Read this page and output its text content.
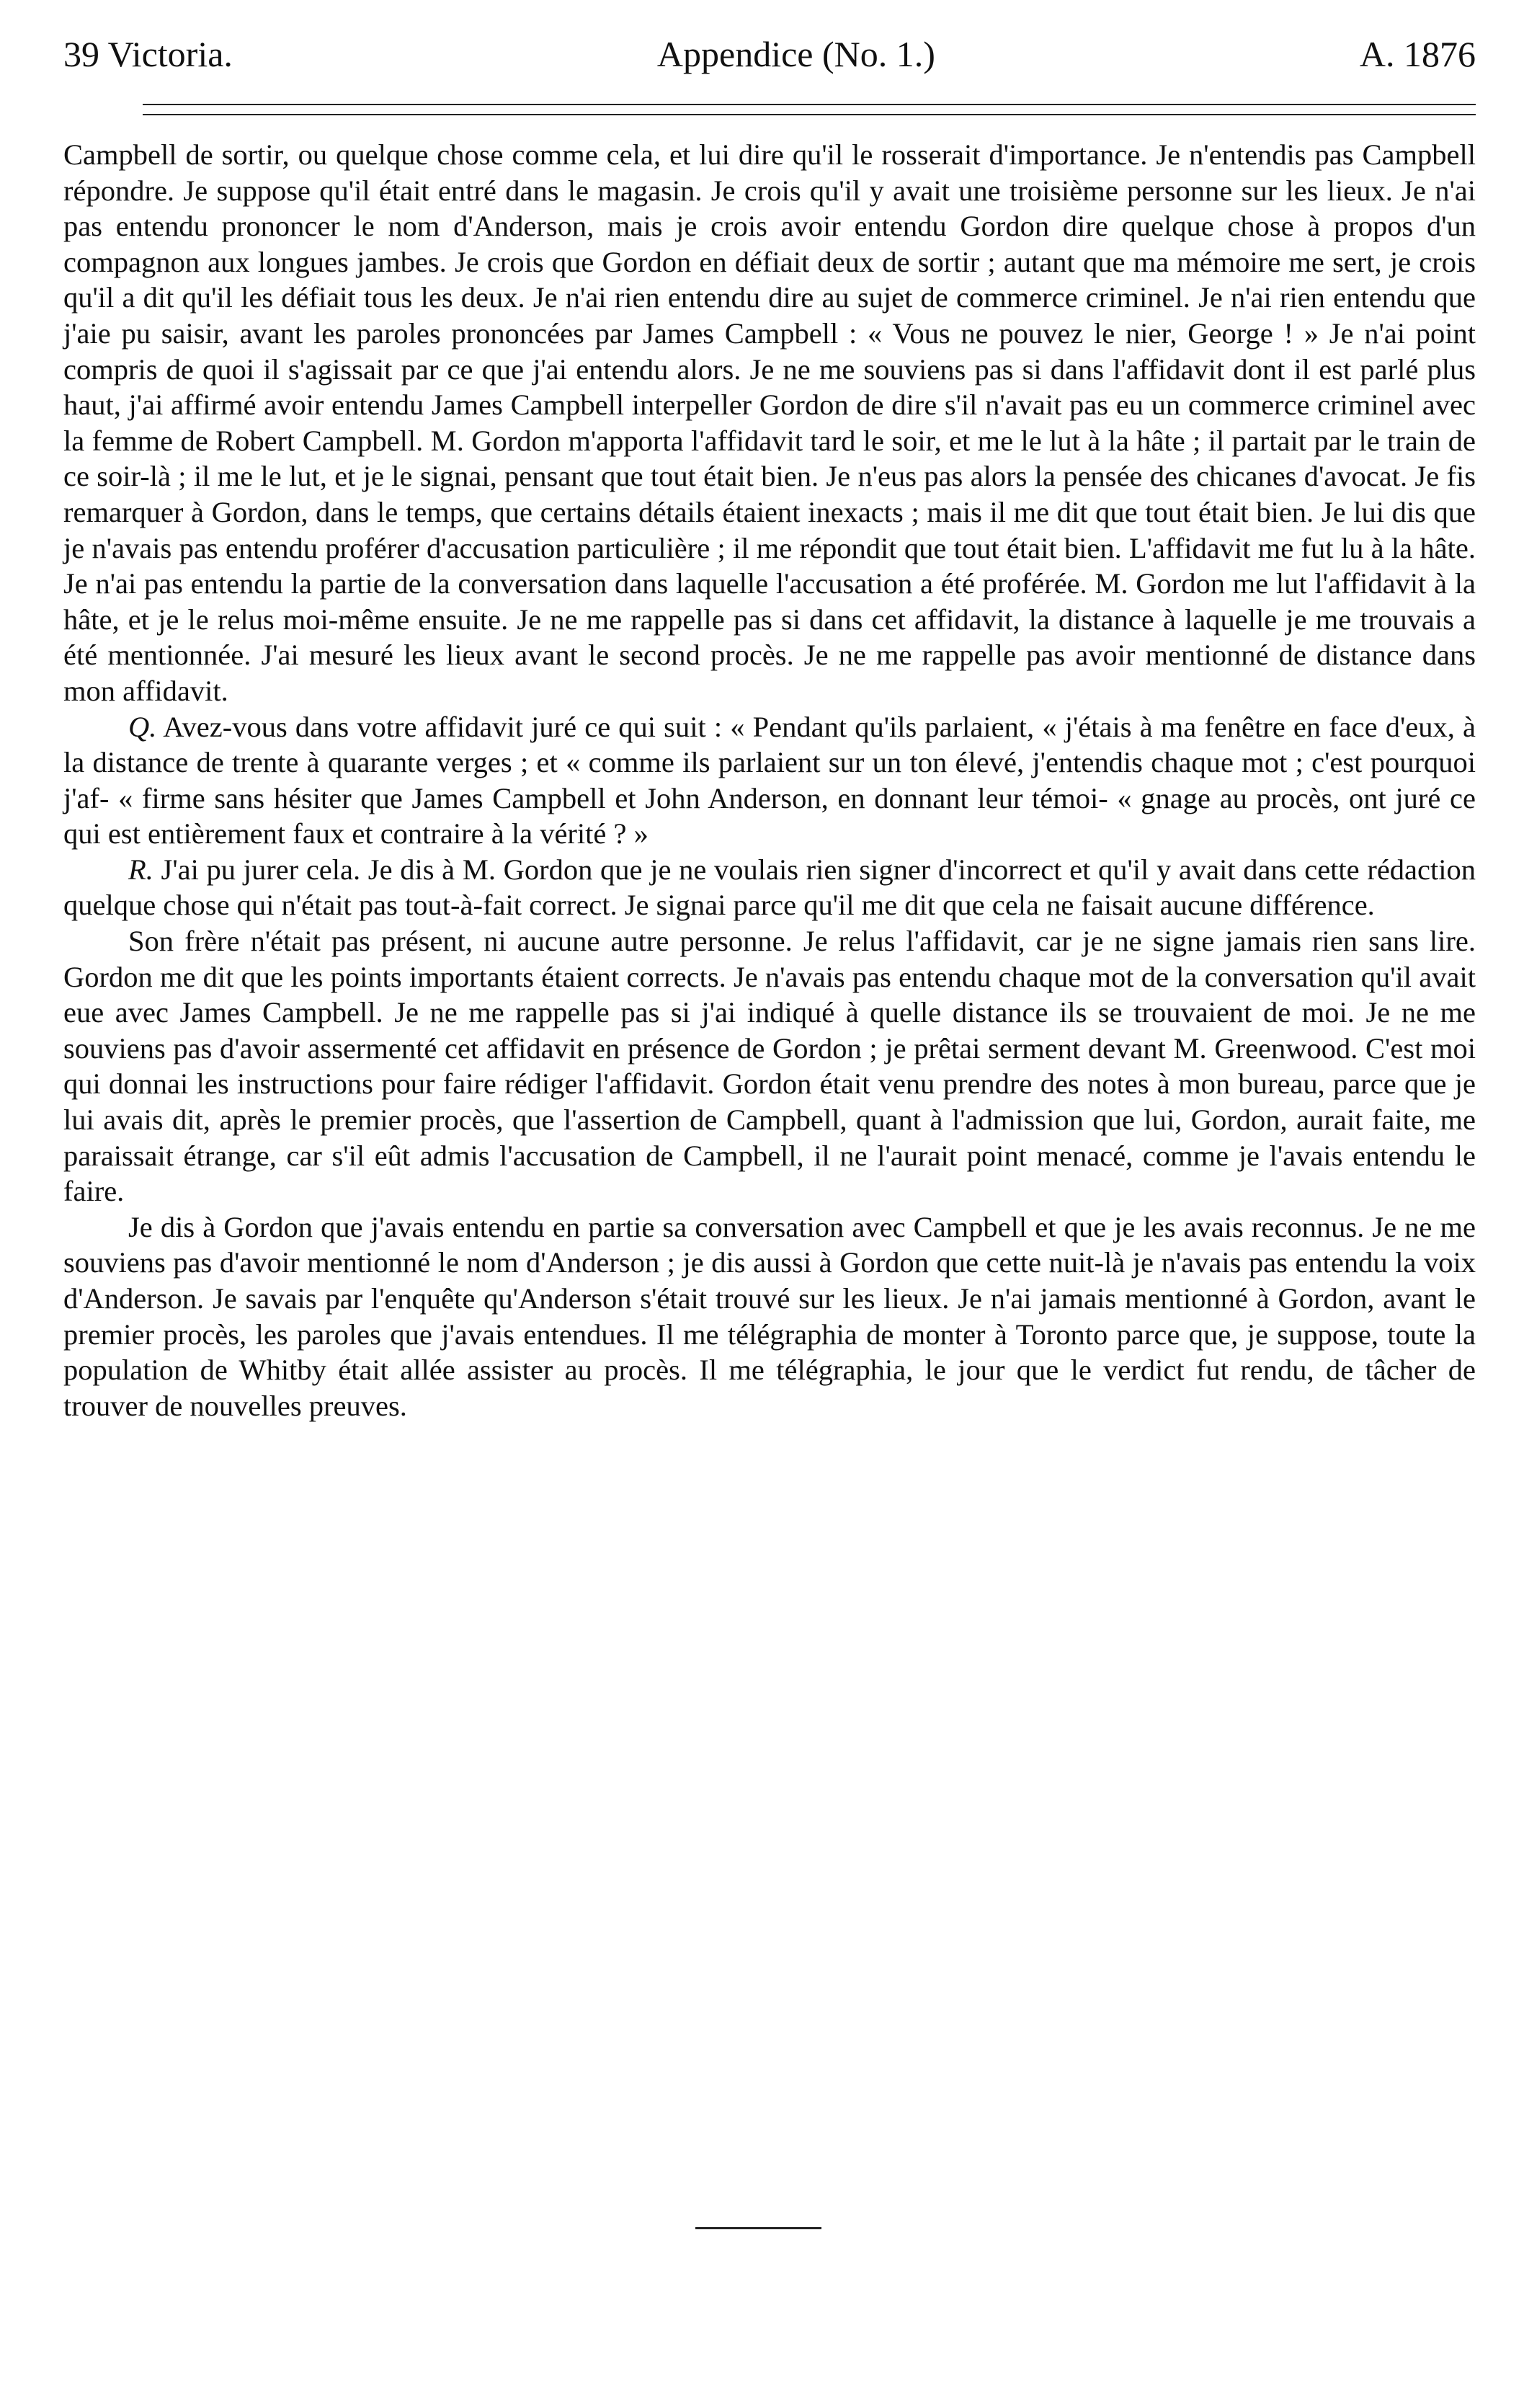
39 Victoria.	Appendice (No. 1.)	A. 1876

Campbell de sortir, ou quelque chose comme cela, et lui dire qu'il le rosserait d'importance. Je n'entendis pas Campbell répondre. Je suppose qu'il était entré dans le magasin. Je crois qu'il y avait une troisième personne sur les lieux. Je n'ai pas entendu prononcer le nom d'Anderson, mais je crois avoir entendu Gordon dire quelque chose à propos d'un compagnon aux longues jambes. Je crois que Gordon en défiait deux de sortir ; autant que ma mémoire me sert, je crois qu'il a dit qu'il les défiait tous les deux. Je n'ai rien entendu dire au sujet de commerce criminel. Je n'ai rien entendu que j'aie pu saisir, avant les paroles prononcées par James Campbell : « Vous ne pouvez le nier, George ! » Je n'ai point compris de quoi il s'agissait par ce que j'ai entendu alors. Je ne me souviens pas si dans l'affidavit dont il est parlé plus haut, j'ai affirmé avoir entendu James Campbell interpeller Gordon de dire s'il n'avait pas eu un commerce criminel avec la femme de Robert Campbell. M. Gordon m'apporta l'affidavit tard le soir, et me le lut à la hâte ; il partait par le train de ce soir-là ; il me le lut, et je le signai, pensant que tout était bien. Je n'eus pas alors la pensée des chicanes d'avocat. Je fis remarquer à Gordon, dans le temps, que certains détails étaient inexacts ; mais il me dit que tout était bien. Je lui dis que je n'avais pas entendu proférer d'accusation particulière ; il me répondit que tout était bien. L'affidavit me fut lu à la hâte. Je n'ai pas entendu la partie de la conversation dans laquelle l'accusation a été proférée. M. Gordon me lut l'affidavit à la hâte, et je le relus moi-même ensuite. Je ne me rappelle pas si dans cet affidavit, la distance à laquelle je me trouvais a été mentionnée. J'ai mesuré les lieux avant le second procès. Je ne me rappelle pas avoir mentionné de distance dans mon affidavit.

Q. Avez-vous dans votre affidavit juré ce qui suit : « Pendant qu'ils parlaient, « j'étais à ma fenêtre en face d'eux, à la distance de trente à quarante verges ; et « comme ils parlaient sur un ton élevé, j'entendis chaque mot ; c'est pourquoi j'af- « firme sans hésiter que James Campbell et John Anderson, en donnant leur témoi- « gnage au procès, ont juré ce qui est entièrement faux et contraire à la vérité ? »

R. J'ai pu jurer cela. Je dis à M. Gordon que je ne voulais rien signer d'incorrect et qu'il y avait dans cette rédaction quelque chose qui n'était pas tout-à-fait correct. Je signai parce qu'il me dit que cela ne faisait aucune différence.

Son frère n'était pas présent, ni aucune autre personne. Je relus l'affidavit, car je ne signe jamais rien sans lire. Gordon me dit que les points importants étaient corrects. Je n'avais pas entendu chaque mot de la conversation qu'il avait eue avec James Campbell. Je ne me rappelle pas si j'ai indiqué à quelle distance ils se trouvaient de moi. Je ne me souviens pas d'avoir assermenté cet affidavit en présence de Gordon ; je prêtai serment devant M. Greenwood. C'est moi qui donnai les instructions pour faire rédiger l'affidavit. Gordon était venu prendre des notes à mon bureau, parce que je lui avais dit, après le premier procès, que l'assertion de Campbell, quant à l'admission que lui, Gordon, aurait faite, me paraissait étrange, car s'il eût admis l'accusation de Campbell, il ne l'aurait point menacé, comme je l'avais entendu le faire.

Je dis à Gordon que j'avais entendu en partie sa conversation avec Campbell et que je les avais reconnus. Je ne me souviens pas d'avoir mentionné le nom d'Anderson ; je dis aussi à Gordon que cette nuit-là je n'avais pas entendu la voix d'Anderson. Je savais par l'enquête qu'Anderson s'était trouvé sur les lieux. Je n'ai jamais mentionné à Gordon, avant le premier procès, les paroles que j'avais entendues. Il me télégraphia de monter à Toronto parce que, je suppose, toute la population de Whitby était allée assister au procès. Il me télégraphia, le jour que le verdict fut rendu, de tâcher de trouver de nouvelles preuves.
